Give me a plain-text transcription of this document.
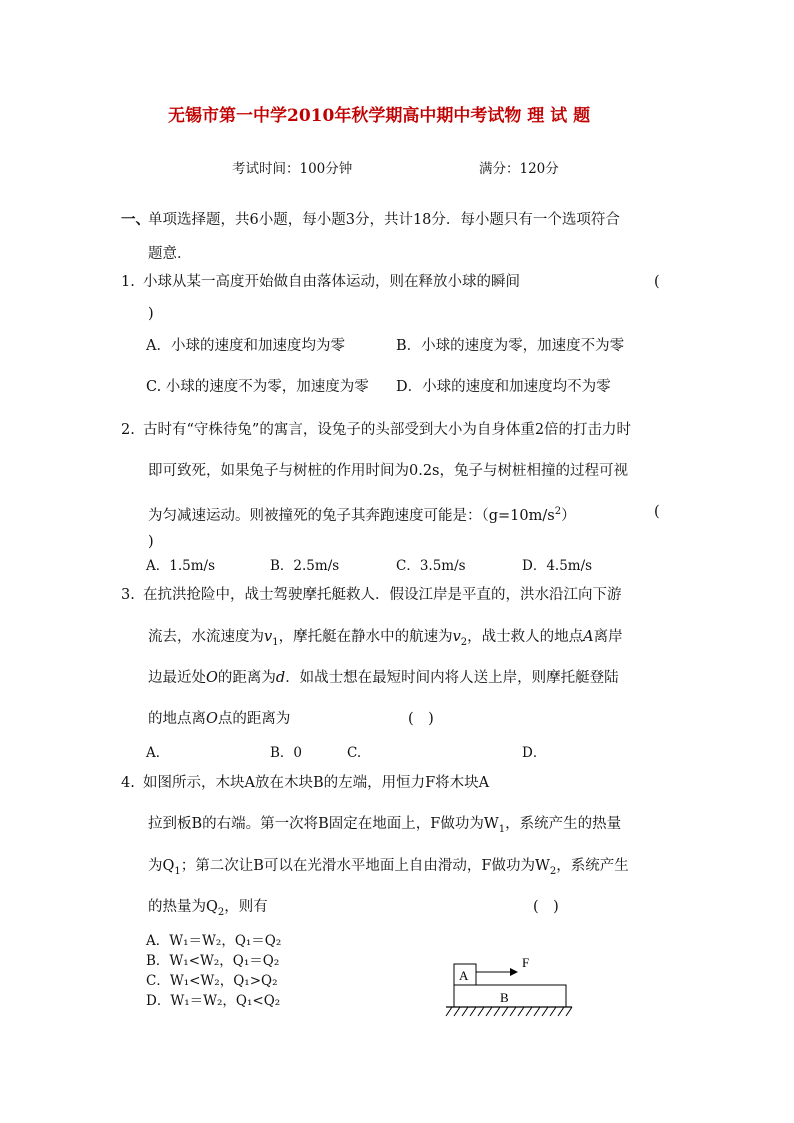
无锡市第一中学2010年秋学期高中期中考试物 理 试 题
考试时间：100分钟	满分：120分
一、
单项选择题，共6小题，每小题3分，共计18分．每小题只有一个选项符合
题意．
1. 小球从某一高度开始做自由落体运动，则在释放小球的瞬间	(
)
A．小球的速度和加速度均为零	B．小球的速度为零，加速度不为零
C. 小球的速度不为零，加速度为零 D．小球的速度和加速度均不为零
2. 古时有“守株待兔”的寓言，设兔子的头部受到大小为自身体重2倍的打击力时
即可致死，如果兔子与树桩的作用时间为0.2s，兔子与树桩相撞的过程可视
为匀减速运动。则被撞死的兔子其奔跑速度可能是：$(g=10m/s^2)$	(
)
A．1.5m/s	B．2.5m/s	C．3.5m/s	D．4.5m/s
3. 在抗洪抢险中，战士驾驶摩托艇救人．假设江岸是平直的，洪水沿江向下游
流去，水流速度为$v_1$，摩托艇在静水中的航速为$v_2$，战士救人的地点A离岸
边最近处O的距离为d．如战士想在最短时间内将人送上岸，则摩托艇登陆
的地点离O点的距离为	(　)
A．	B．0	C.	D．
4. 如图所示，木块A放在木块B的左端，用恒力F将木块A
拉到板B的右端。第一次将B固定在地面上，F做功为$W_1$，系统产生的热量
为$Q_1$；第二次让B可以在光滑水平地面上自由滑动，F做功为$W_2$，系统产生
的热量为$Q_2$，则有	(　)
A．W₁＝W₂，Q₁＝Q₂
B．W₁<W₂，Q₁＝Q₂
C．W₁<W₂，Q₁>Q₂
D．W₁＝W₂，Q₁<Q₂
A
B
F
